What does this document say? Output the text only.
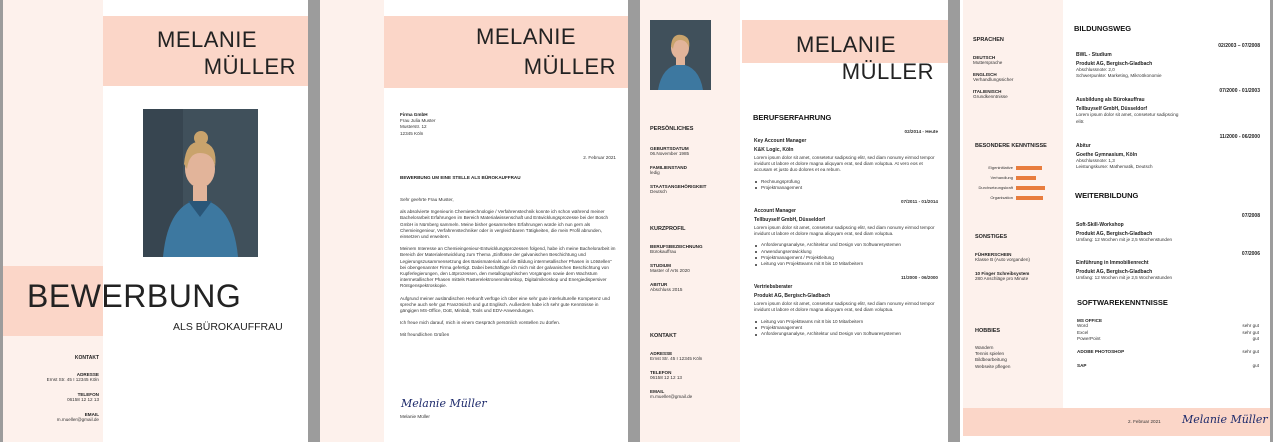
MELANIE
MÜLLER
BEWERBUNG
ALS BÜROKAUFFRAU
KONTAKT
ADRESSE
Ernst Str. 45 I 12345 Köln
TELEFON
06158 12 12 13
EMAIL
m.mueller@gmail.de
MELANIE
MÜLLER
Firma GmbH
Frau Julia Muster
Musterstr. 12
12345 Köln
2. Februar 2021
BEWERBUNG UM EINE STELLE ALS BÜROKAUFFRAU
Sehr geehrte Frau Muster,
als absolvierte Ingenieurin Chemietechnologie / Verfahrenstechnik konnte ich schon während meiner Bachelorarbeit Erfahrungen im Bereich Materialwissenschaft und Entwicklungsprozesse bei der Bosch GmbH in Nürnberg sammeln. Meine bisher gesammelten Erfahrungen würde ich nun gern als Chemieingenieur, Verfahrenstechniker oder in vergleichbaren Tätigkeiten, die mein Profil abrunden, einsetzen und erweitern.
Meinem Interesse an Chemieingenieur-Entwicklungsprozessen folgend, habe ich meine Bachelorarbeit im Bereich der Materialentwicklung zum Thema „Einflüsse der galvanischen Beschichtung und Legierungszusammensetzung des Basismaterials auf die Bildung intermetallischer Phasen in Lötstellen“ bei obengenannter Firma gefertigt. Dabei beschäftigte ich mich mit der galvanischen Beschichtung von Kupferlegierungen, den Lötprozessen, den metallographischen Vorgängen sowie dem Wachstum intermetallischer Phasen mittels Rasterelektronenmikroskop, Digitalmikroskop und Energiedispersiver Röntgenspektroskopie.
Aufgrund meiner ausländischen Herkunft verfüge ich über eine sehr gute interkulturelle Kompetenz und spreche auch sehr gut Französisch und gut Englisch. Außerdem habe ich sehr gute Kenntnisse in gängigen MS-Office, DoE, Minitab, Tools und EDV-Anwendungen.
Ich freue mich darauf, mich in einem Gespräch persönlich vorstellen zu dürfen.
Mit freundlichen Grüßen
Melanie Müller
Melanie Müller
MELANIE
MÜLLER
PERSÖNLICHES
GEBURTSDATUM
06.November 1985
FAMILIENSTAND
ledig
STAATSANGEHÖRIGKEIT
Deutsch
KURZPROFIL
BERUFSBEZEICHNUNG
Bürokauffrau
STUDIUM
Master of Arts 2020
ABITUR
Abschluss 2015
KONTAKT
ADRESSE
Ernst Str. 45 I 12345 Köln
TELEFON
06158 12 12 13
EMAIL
m.mueller@gmail.de
BERUFSERFAHRUNG
Key Account Manager
02/2014 - Heute
K&K Logic, Köln
Lorem ipsum dolor sit amet, consetetur sadipscing elitr, sed diam nonumy eirmod tempor invidunt ut labore et dolore magna aliquyam erat, sed diam voluptua. At vero eos et accusam et justo duo dolores et ea rebum.
Rechnungsprüfung
Projektmanagement
Account Manager
07/2011 - 01/2014
Tellbuyself GmbH, Düsseldorf
Lorem ipsum dolor sit amet, consetetur sadipscing elitr, sed diam nonumy eirmod tempor invidunt ut labore et dolore magna aliquyam erat, sed diam voluptua.
Anforderungsanalyse, Architektur und Design von Softwaresystemen
Anwendungsentwicklung
Projektmanagement / Projektleitung
Leitung von Projektteams mit 8 bis 10 Mitarbeitern
Vertriebsberater
11/2000 - 06/2000
Produkt AG, Bergisch-Gladbach
Lorem ipsum dolor sit amet, consetetur sadipscing elitr, sed diam nonumy eirmod tempor invidunt ut labore et dolore magna aliquyam erat, sed diam voluptua.
Leitung von Projektteams mit 8 bis 10 Mitarbeitern
Projektmanagement
Anforderungsanalyse, Architektur und Design von Softwaresystemen
2. Februar 2021 Melanie Müller
SPRACHEN
DEUTSCH
Muttersprache
ENGLISCH
Verhandlungssicher
ITALIENISCH
Grundkenntnisse
BESONDERE KENNTNISSE
Eigeninitiative
Verhandlung
Durchsetzungskraft
Organisation
SONSTIGES
FÜHRERSCHEIN
Klasse B (Auto vorganden)
10 Finger Schreibsystem
280 Anschläge pro Minute
HOBBIES
Wandern
Tennis spielen
Bildbearbeitung
Webseite pflegen
BILDUNGSWEG
BWL - Studium
02/2003 – 07/2008
Produkt AG, Bergisch-Gladbach
Abschlussnote: 2,0
Schwerpunkte: Marketing, Mikroökonomie
Ausbildung als Bürokauffrau
07/2000 - 01/2003
Tellbuyself GmbH, Düsseldorf
Lorem ipsum dolor sit amet, consetetur sadipscing
elitr.
Abitur
11/2000 - 06/2000
Goethe Gymnasium, Köln
Abschlussnote: 1,3
Leistungskurse: Mathematik, Deutsch
WEITERBILDUNG
Soft-Skill-Workshop
07/2008
Produkt AG, Bergisch-Gladbach
Umfang: 12 Wochen mit je 2,5 Wochenstunden
Einführung in Immobilienrecht
07/2006
Produkt AG, Bergisch-Gladbach
Umfang: 12 Wochen mit je 2,5 Wochenstunden
SOFTWAREKENNTNISSE
MS OFFICE
Word	sehr gut
Excel	sehr gut
PowerPoint	gut
ADOBE PHOTOSHOP	sehr gut
SAP	gut
